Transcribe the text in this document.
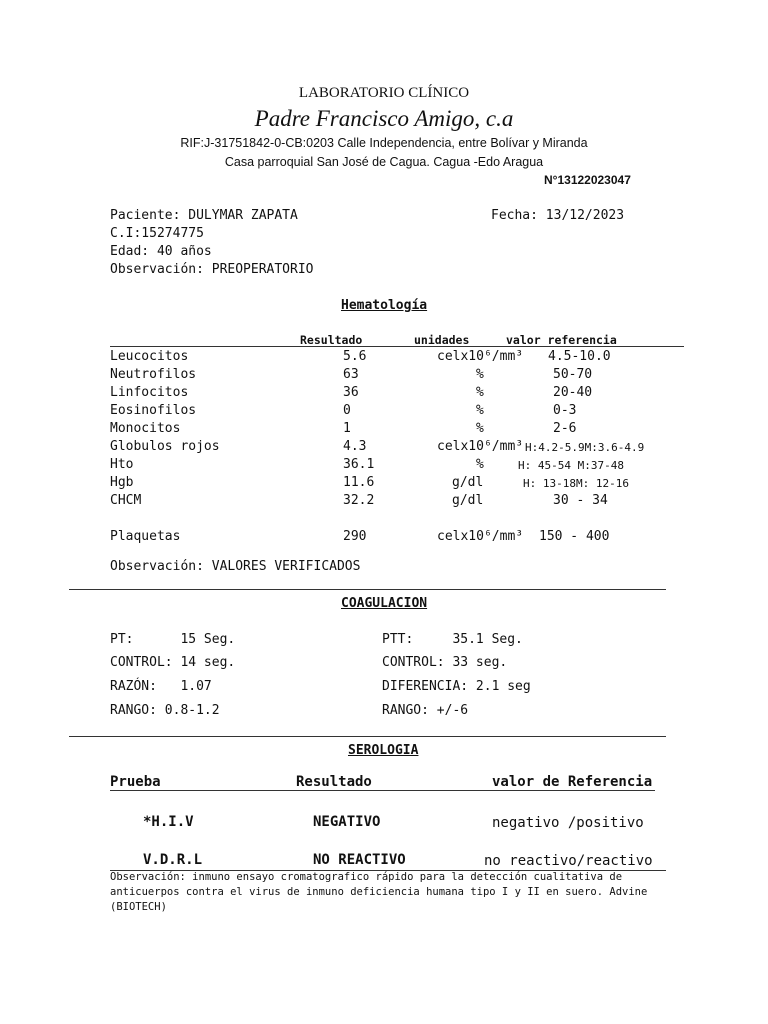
LABORATORIO CLÍNICO
Padre Francisco Amigo, c.a
RIF:J-31751842-0-CB:0203 Calle Independencia, entre Bolívar y Miranda
Casa parroquial San José de Cagua. Cagua -Edo Aragua
N°13122023047
Paciente: DULYMAR ZAPATA	Fecha: 13/12/2023
C.I:15274775
Edad: 40 años
Observación: PREOPERATORIO
Hematología
Resultado	unidades	valor referencia
Leucocitos	5.6	celx10⁶/mm³ 4.5-10.0
Neutrofilos	63	%	50-70
Linfocitos	36	%	20-40
Eosinofilos	0	%	0-3
Monocitos	1	%	2-6
Globulos rojos	4.3	celx10⁶/mm³ H:4.2-5.9M:3.6-4.9
Hto	36.1	%	H: 45-54 M:37-48
Hgb	11.6	g/dl	H: 13-18M: 12-16
CHCM	32.2	g/dl	30 - 34
Plaquetas	290	celx10⁶/mm³ 150 - 400
Observación: VALORES VERIFICADOS
COAGULACION
PT:      15 Seg.	PTT:     35.1 Seg.
CONTROL: 14 seg.	CONTROL: 33 seg.
RAZÓN:   1.07	DIFERENCIA: 2.1 seg
RANGO: 0.8-1.2	RANGO: +/-6
SEROLOGIA
Prueba	Resultado	valor de Referencia
*H.I.V	NEGATIVO	negativo /positivo
V.D.R.L	NO REACTIVO	no reactivo/reactivo
Observación: inmuno ensayo cromatografico rápido para la detección cualitativa de
anticuerpos contra el virus de inmuno deficiencia humana tipo I y II en suero. Advine
(BIOTECH)
